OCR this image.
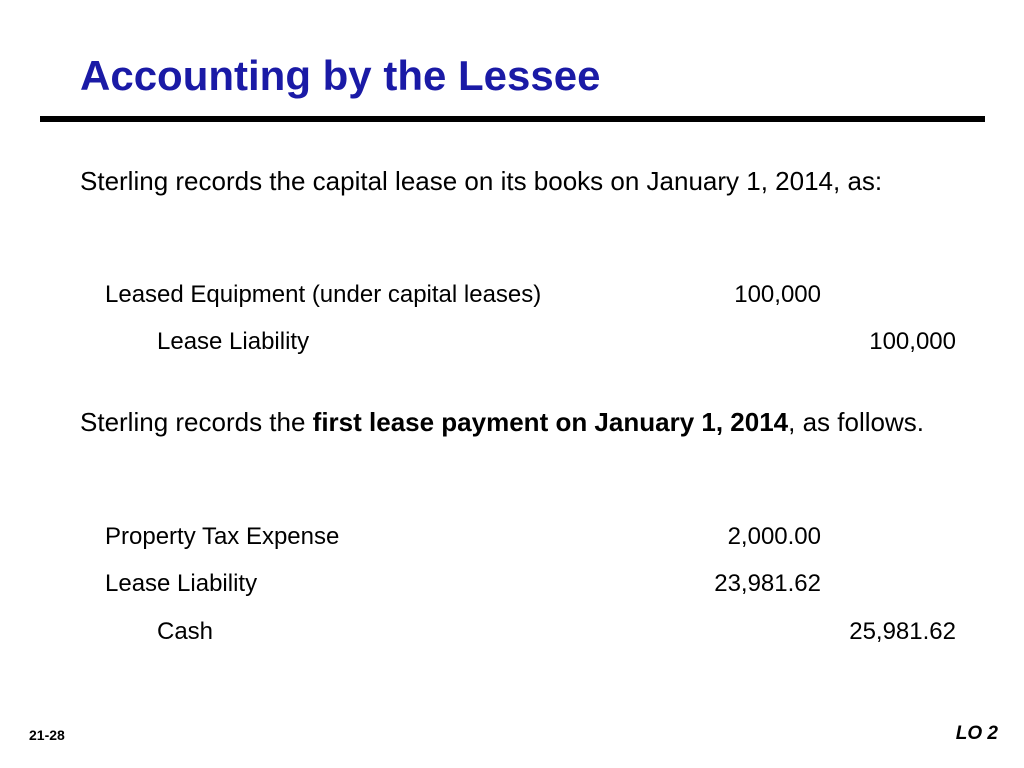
Accounting by the Lessee

Sterling records the capital lease on its books on January 1, 2014, as:

Leased Equipment (under capital leases)	100,000
Lease Liability	100,000

Sterling records the first lease payment on January 1, 2014, as follows.

Property Tax Expense	2,000.00
Lease Liability	23,981.62
Cash	25,981.62
21-28	LO 2
